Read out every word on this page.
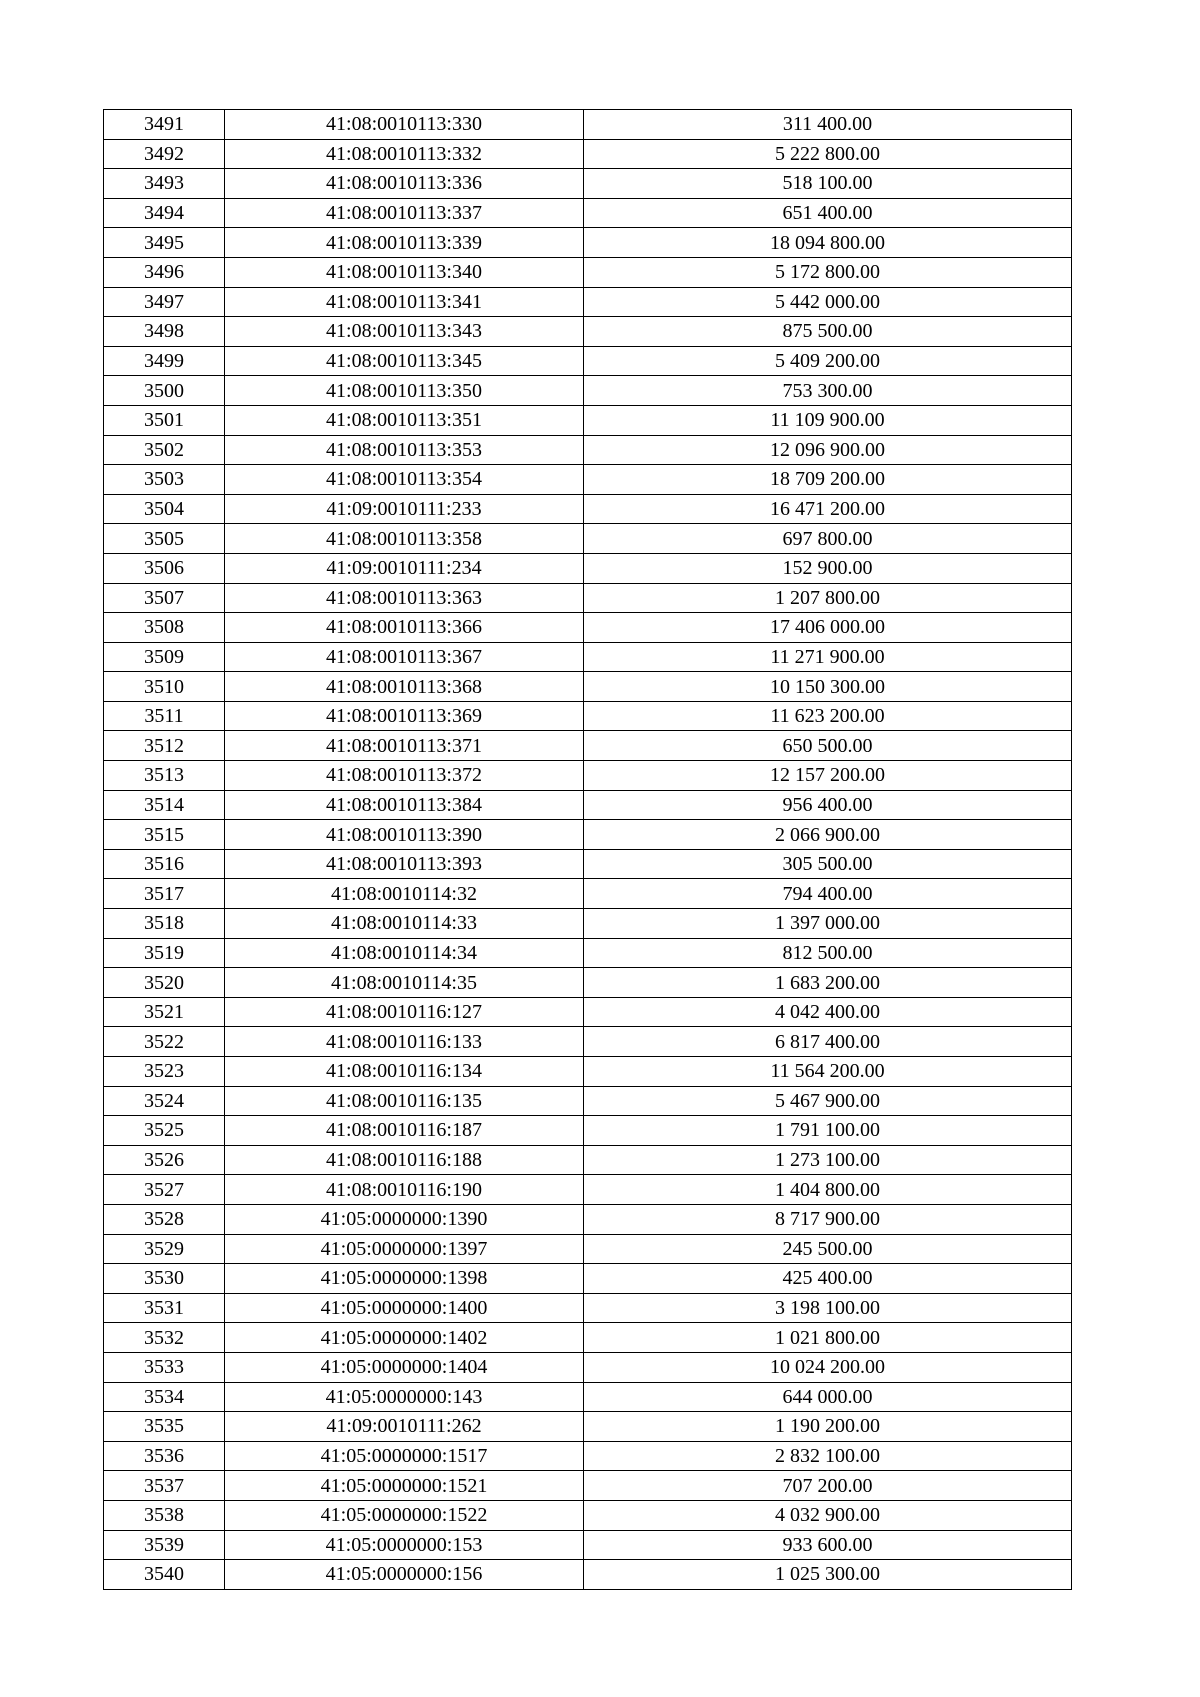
3491	41:08:0010113:330	311 400.00
3492	41:08:0010113:332	5 222 800.00
3493	41:08:0010113:336	518 100.00
3494	41:08:0010113:337	651 400.00
3495	41:08:0010113:339	18 094 800.00
3496	41:08:0010113:340	5 172 800.00
3497	41:08:0010113:341	5 442 000.00
3498	41:08:0010113:343	875 500.00
3499	41:08:0010113:345	5 409 200.00
3500	41:08:0010113:350	753 300.00
3501	41:08:0010113:351	11 109 900.00
3502	41:08:0010113:353	12 096 900.00
3503	41:08:0010113:354	18 709 200.00
3504	41:09:0010111:233	16 471 200.00
3505	41:08:0010113:358	697 800.00
3506	41:09:0010111:234	152 900.00
3507	41:08:0010113:363	1 207 800.00
3508	41:08:0010113:366	17 406 000.00
3509	41:08:0010113:367	11 271 900.00
3510	41:08:0010113:368	10 150 300.00
3511	41:08:0010113:369	11 623 200.00
3512	41:08:0010113:371	650 500.00
3513	41:08:0010113:372	12 157 200.00
3514	41:08:0010113:384	956 400.00
3515	41:08:0010113:390	2 066 900.00
3516	41:08:0010113:393	305 500.00
3517	41:08:0010114:32	794 400.00
3518	41:08:0010114:33	1 397 000.00
3519	41:08:0010114:34	812 500.00
3520	41:08:0010114:35	1 683 200.00
3521	41:08:0010116:127	4 042 400.00
3522	41:08:0010116:133	6 817 400.00
3523	41:08:0010116:134	11 564 200.00
3524	41:08:0010116:135	5 467 900.00
3525	41:08:0010116:187	1 791 100.00
3526	41:08:0010116:188	1 273 100.00
3527	41:08:0010116:190	1 404 800.00
3528	41:05:0000000:1390	8 717 900.00
3529	41:05:0000000:1397	245 500.00
3530	41:05:0000000:1398	425 400.00
3531	41:05:0000000:1400	3 198 100.00
3532	41:05:0000000:1402	1 021 800.00
3533	41:05:0000000:1404	10 024 200.00
3534	41:05:0000000:143	644 000.00
3535	41:09:0010111:262	1 190 200.00
3536	41:05:0000000:1517	2 832 100.00
3537	41:05:0000000:1521	707 200.00
3538	41:05:0000000:1522	4 032 900.00
3539	41:05:0000000:153	933 600.00
3540	41:05:0000000:156	1 025 300.00
